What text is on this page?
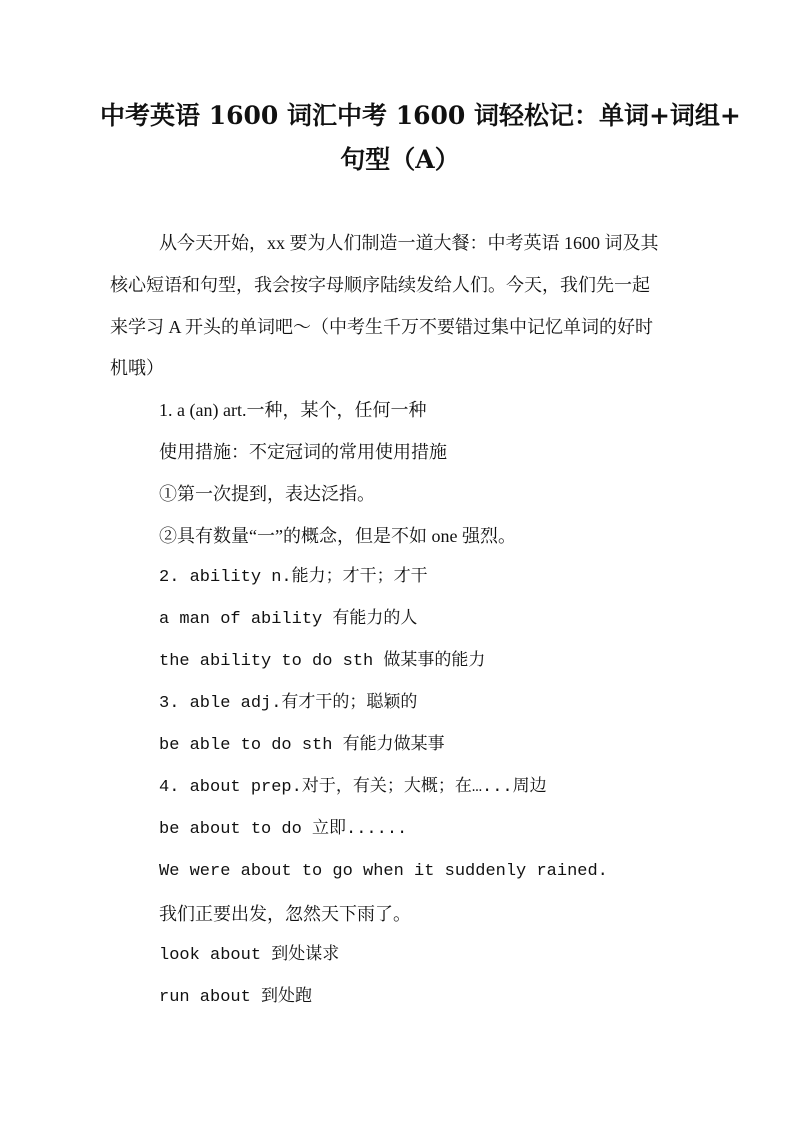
中考英语 1600 词汇中考 1600 词轻松记：单词+词组+
句型（A）
从今天开始，xx 要为人们制造一道大餐：中考英语 1600 词及其
核心短语和句型，我会按字母顺序陆续发给人们。今天，我们先一起
来学习 A 开头的单词吧～（中考生千万不要错过集中记忆单词的好时
机哦）
1. a (an) art.一种，某个，任何一种
使用措施：不定冠词的常用使用措施
①第一次提到，表达泛指。
②具有数量“一”的概念，但是不如 one 强烈。
2. ability n.能力；才干；才干
a man of ability 有能力的人
the ability to do sth 做某事的能力
3. able adj.有才干的；聪颖的
be able to do sth 有能力做某事
4. about prep.对于，有关；大概；在…...周边
be about to do 立即......
We were about to go when it suddenly rained.
我们正要出发，忽然天下雨了。
look about 到处谋求
run about 到处跑
